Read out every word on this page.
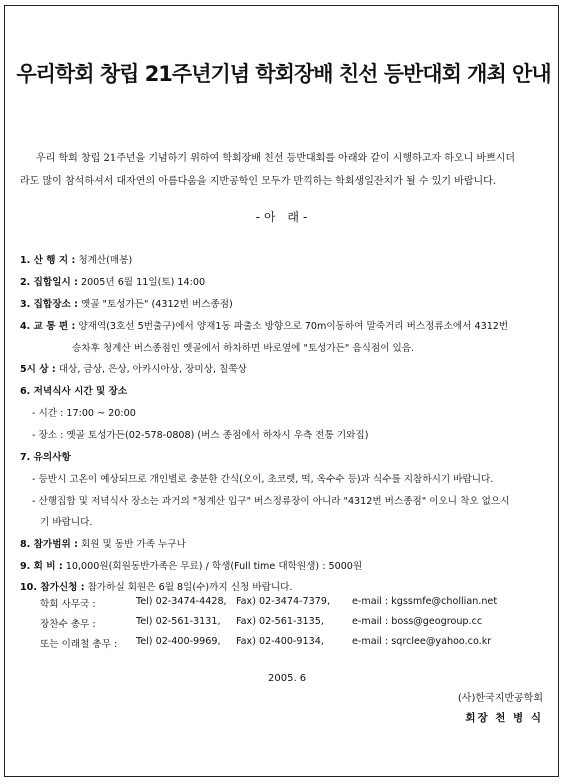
우리학회 창립 21주년기념 학회장배 친선 등반대회 개최 안내

우리 학회 창립 21주년을 기념하기 위하여 학회장배 친선 등반대회를 아래와 같이 시행하고자 하오니 바쁘시더

라도 많이 참석하셔서 대자연의 아름다움을 지반공학인 모두가 만끽하는 학회생일잔치가 될 수 있기 바랍니다.
-아 래-
1. 산 행 지 : 청계산(매봉)
2. 집합일시 : 2005년 6월 11일(토) 14:00
3. 집합장소 : 옛골 "토성가든" (4312번 버스종점)
4. 교 통 편 : 양재역(3호선 5번출구)에서 양재1동 파출소 방향으로 70m이동하여 말죽거리 버스정류소에서 4312번
승차후 청계산 버스종점인 옛골에서 하차하면 바로옆에 "토성가든" 음식점이 있음.
5시 상 : 대상, 금상, 은상, 아카시아상, 장미상, 칠쭉상
6. 저녁식사 시간 및 장소
- 시간 : 17:00 ~ 20:00
- 장소 : 옛골 토성가든(02-578-0808) (버스 종점에서 하차시 우측 전통 기와집)
7. 유의사항
- 등반시 고온이 예상되므로 개인별로 충분한 간식(오이, 초코렛, 떡, 옥수수 등)과 식수를 지참하시기 바랍니다.
- 산행집합 및 저녁식사 장소는 과거의 "청계산 입구" 버스정류장이 아니라 "4312번 버스종점" 이오니 착오 없으시
기 바랍니다.
8. 참가범위 : 회원 및 동반 가족 누구나
9. 회 비 : 10,000원(회원동반가족은 무료) / 학생(Full time 대학원생) : 5000원
10. 참가신청 : 참가하실 회원은 6월 8일(수)까지 신청 바랍니다.
학회 사무국 :	Tel) 02-3474-4428, Fax) 02-3474-7379, e-mail : kgssmfe@chollian.net
장찬수 총무 :	Tel) 02-561-3131, Fax) 02-561-3135,	e-mail : boss@geogroup.cc
또는 이래철 총무 : Tel) 02-400-9969, Fax) 02-400-9134,	e-mail : sqrclee@yahoo.co.kr
2005. 6
(사)한국지반공학회
회장 천 병 식
